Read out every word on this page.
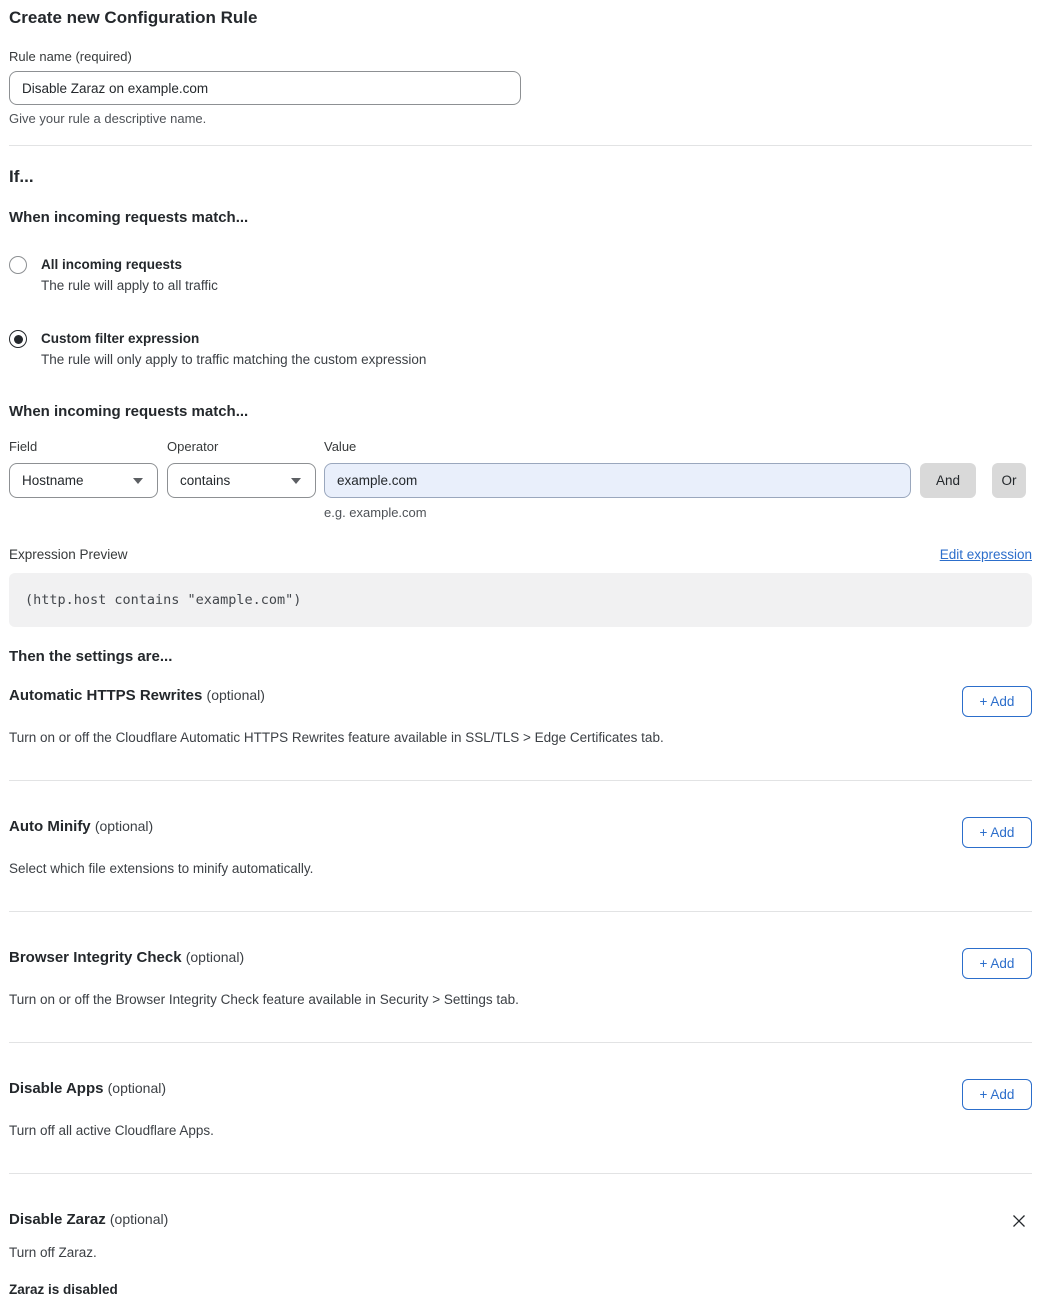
Create new Configuration Rule
Rule name (required)
Disable Zaraz on example.com
Give your rule a descriptive name.
If...
When incoming requests match...
All incoming requests
The rule will apply to all traffic
Custom filter expression
The rule will only apply to traffic matching the custom expression
When incoming requests match...
Field
Hostname
Operator
contains
Value
example.com
e.g. example.com
And	Or
Expression Preview	Edit expression
(http.host contains "example.com")
Then the settings are...
Automatic HTTPS Rewrites (optional)	+ Add
Turn on or off the Cloudflare Automatic HTTPS Rewrites feature available in SSL/TLS > Edge Certificates tab.
Auto Minify (optional)	+ Add
Select which file extensions to minify automatically.
Browser Integrity Check (optional)	+ Add
Turn on or off the Browser Integrity Check feature available in Security > Settings tab.
Disable Apps (optional)	+ Add
Turn off all active Cloudflare Apps.
Disable Zaraz (optional)
Turn off Zaraz.
Zaraz is disabled
